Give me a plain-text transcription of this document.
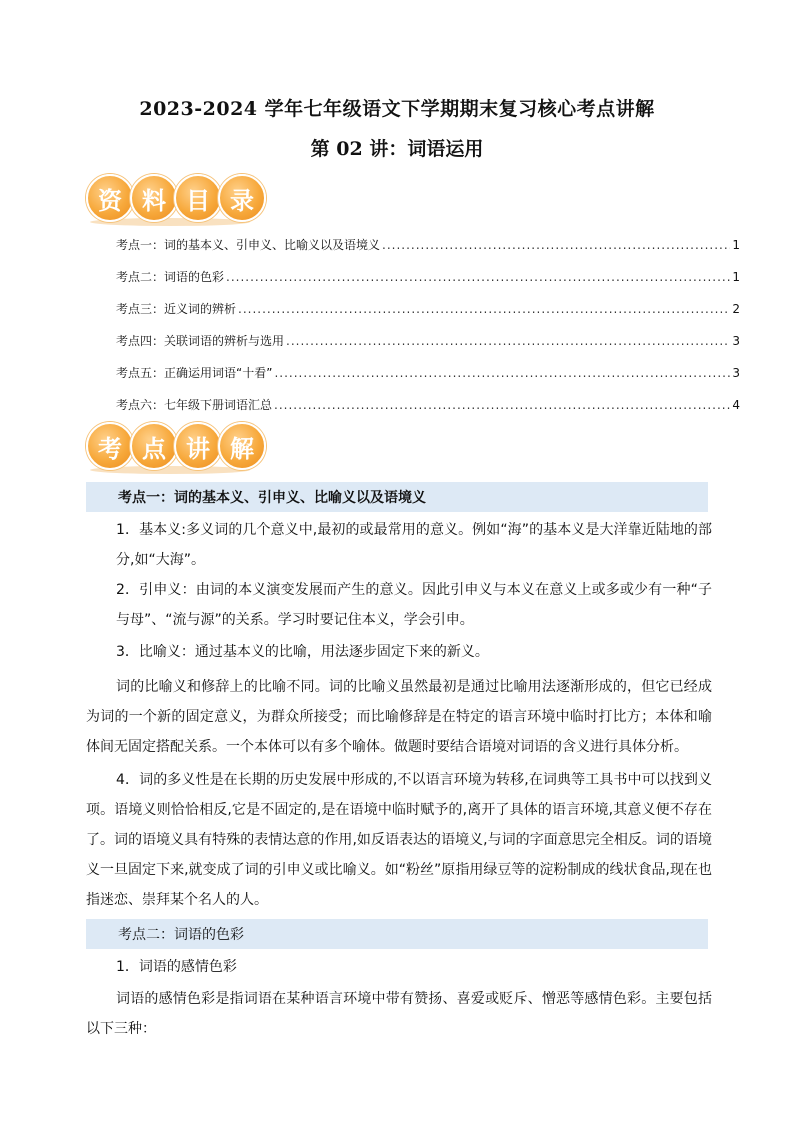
2023-2024 学年七年级语文下学期期末复习核心考点讲解
第 02 讲：词语运用
资 料 目 录
考点一：词的基本义、引申义、比喻义以及语境义 .....	1
考点二：词语的色彩 .....	1
考点三：近义词的辨析 .....	2
考点四：关联词语的辨析与选用 .....	3
考点五：正确运用词语“十看” .....	3
考点六：七年级下册词语汇总 .....	4
考 点 讲 解
考点一：词的基本义、引申义、比喻义以及语境义
1．基本义:多义词的几个意义中,最初的或最常用的意义。例如“海”的基本义是大洋靠近陆地的部分,如“大海”。
2．引申义：由词的本义演变发展而产生的意义。因此引申义与本义在意义上或多或少有一种“子与母”、“流与源”的关系。学习时要记住本义，学会引申。
3．比喻义：通过基本义的比喻，用法逐步固定下来的新义。
词的比喻义和修辞上的比喻不同。词的比喻义虽然最初是通过比喻用法逐渐形成的，但它已经成为词的一个新的固定意义，为群众所接受；而比喻修辞是在特定的语言环境中临时打比方；本体和喻体间无固定搭配关系。一个本体可以有多个喻体。做题时要结合语境对词语的含义进行具体分析。
4．词的多义性是在长期的历史发展中形成的,不以语言环境为转移,在词典等工具书中可以找到义项。语境义则恰恰相反,它是不固定的,是在语境中临时赋予的,离开了具体的语言环境,其意义便不存在了。词的语境义具有特殊的表情达意的作用,如反语表达的语境义,与词的字面意思完全相反。词的语境义一旦固定下来,就变成了词的引申义或比喻义。如“粉丝”原指用绿豆等的淀粉制成的线状食品,现在也指迷恋、崇拜某个名人的人。
考点二：词语的色彩
1．词语的感情色彩
词语的感情色彩是指词语在某种语言环境中带有赞扬、喜爱或贬斥、憎恶等感情色彩。主要包括以下三种：
